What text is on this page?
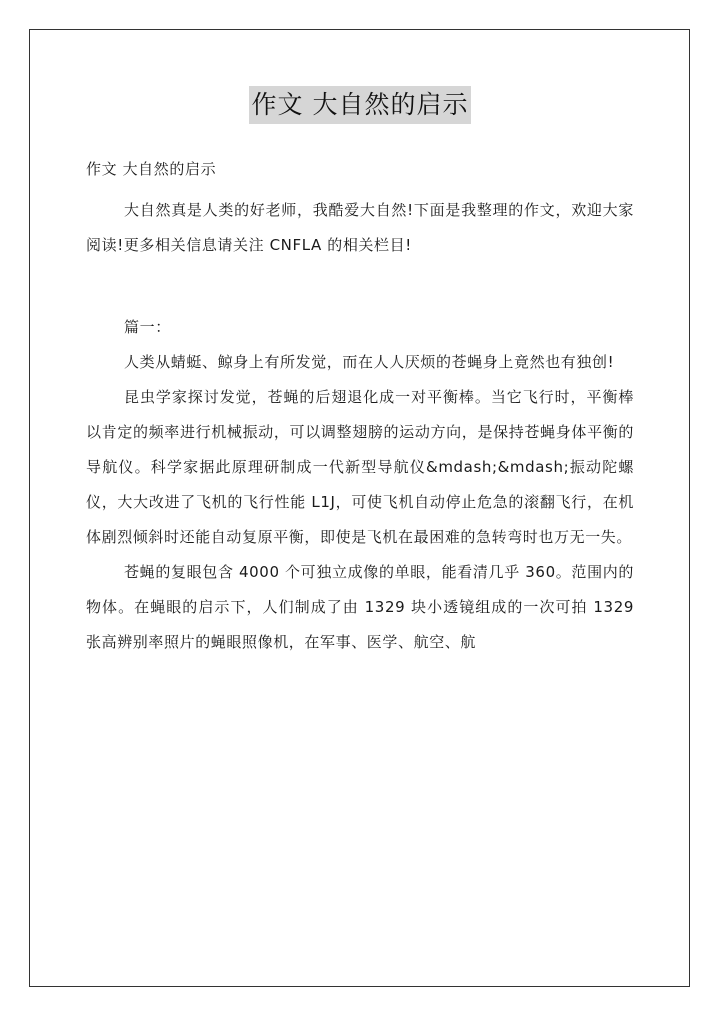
作文 大自然的启示

作文 大自然的启示

大自然真是人类的好老师，我酷爱大自然!下面是我整理的作文，欢迎大家阅读!更多相关信息请关注 CNFLA 的相关栏目!

篇一：

人类从蜻蜓、鲸身上有所发觉，而在人人厌烦的苍蝇身上竟然也有独创!

昆虫学家探讨发觉，苍蝇的后翅退化成一对平衡棒。当它飞行时，平衡棒以肯定的频率进行机械振动，可以调整翅膀的运动方向，是保持苍蝇身体平衡的导航仪。科学家据此原理研制成一代新型导航仪&mdash;&mdash;振动陀螺仪，大大改进了飞机的飞行性能 L1J，可使飞机自动停止危急的滚翻飞行，在机体剧烈倾斜时还能自动复原平衡，即使是飞机在最困难的急转弯时也万无一失。

苍蝇的复眼包含 4000 个可独立成像的单眼，能看清几乎 360。范围内的物体。在蝇眼的启示下，人们制成了由 1329 块小透镜组成的一次可拍 1329 张高辨别率照片的蝇眼照像机，在军事、医学、航空、航
